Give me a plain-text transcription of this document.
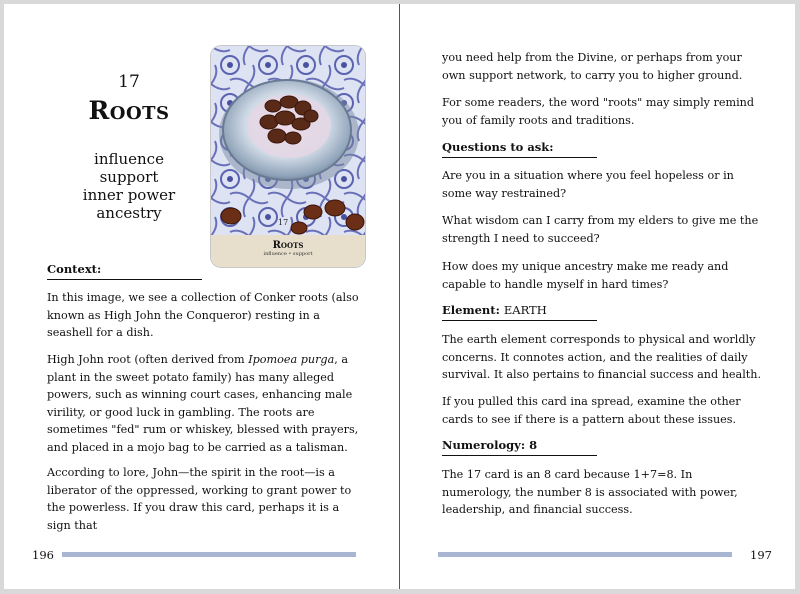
17
Roots
influence
support
inner power
ancestry
17
Roots
influence • support
Context:

In this image, we see a collection of Conker roots (also known as High John the Conqueror) resting in a seashell for a dish.

High John root (often derived from Ipomoea purga, a plant in the sweet potato family) has many alleged powers, such as winning court cases, enhancing male virility, or good luck in gambling. The roots are sometimes "fed" rum or whiskey, blessed with prayers, and placed in a mojo bag to be carried as a talisman.

According to lore, John—the spirit in the root—is a liberator of the oppressed, working to grant power to the powerless. If you draw this card, perhaps it is a sign that

196

you need help from the Divine, or perhaps from your own support network, to carry you to higher ground.

For some readers, the word "roots" may simply remind you of family roots and traditions.

Questions to ask:

Are you in a situation where you feel hopeless or in some way restrained?

What wisdom can I carry from my elders to give me the strength I need to succeed?

How does my unique ancestry make me ready and capable to handle myself in hard times?

Element: EARTH

The earth element corresponds to physical and worldly concerns. It connotes action, and the realities of daily survival. It also pertains to financial success and health.

If you pulled this card ina spread, examine the other cards to see if there is a pattern about these issues.

Numerology: 8

The 17 card is an 8 card because 1+7=8. In numerology, the number 8 is associated with power, leadership, and financial success.

197
